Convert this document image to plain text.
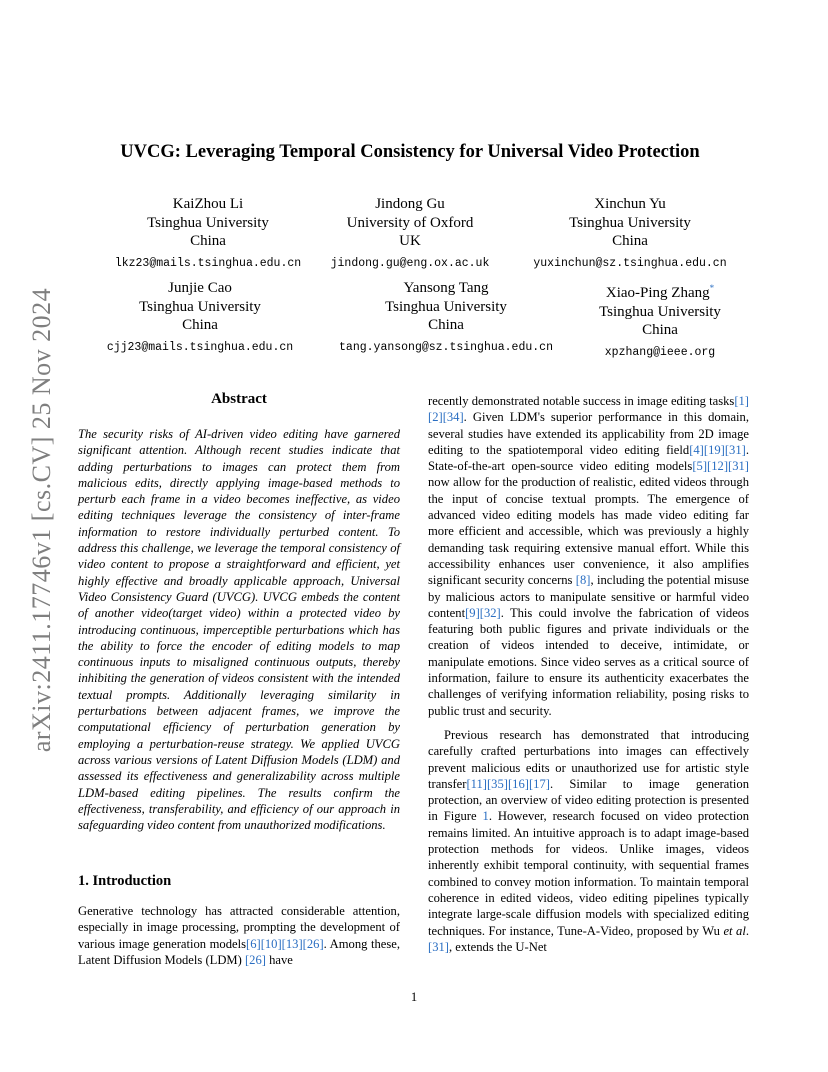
arXiv:2411.17746v1 [cs.CV] 25 Nov 2024
UVCG: Leveraging Temporal Consistency for Universal Video Protection
KaiZhou Li
Tsinghua University
China
lkz23@mails.tsinghua.edu.cn
Jindong Gu
University of Oxford
UK
jindong.gu@eng.ox.ac.uk
Xinchun Yu
Tsinghua University
China
yuxinchun@sz.tsinghua.edu.cn
Junjie Cao
Tsinghua University
China
cjj23@mails.tsinghua.edu.cn
Yansong Tang
Tsinghua University
China
tang.yansong@sz.tsinghua.edu.cn
Xiao-Ping Zhang*
Tsinghua University
China
xpzhang@ieee.org
Abstract
The security risks of AI-driven video editing have garnered significant attention. Although recent studies indicate that adding perturbations to images can protect them from malicious edits, directly applying image-based methods to perturb each frame in a video becomes ineffective, as video editing techniques leverage the consistency of inter-frame information to restore individually perturbed content. To address this challenge, we leverage the temporal consistency of video content to propose a straightforward and efficient, yet highly effective and broadly applicable approach, Universal Video Consistency Guard (UVCG). UVCG embeds the content of another video(target video) within a protected video by introducing continuous, imperceptible perturbations which has the ability to force the encoder of editing models to map continuous inputs to misaligned continuous outputs, thereby inhibiting the generation of videos consistent with the intended textual prompts. Additionally leveraging similarity in perturbations between adjacent frames, we improve the computational efficiency of perturbation generation by employing a perturbation-reuse strategy. We applied UVCG across various versions of Latent Diffusion Models (LDM) and assessed its effectiveness and generalizability across multiple LDM-based editing pipelines. The results confirm the effectiveness, transferability, and efficiency of our approach in safeguarding video content from unauthorized modifications.
1. Introduction
Generative technology has attracted considerable attention, especially in image processing, prompting the development of various image generation models[6][10][13][26]. Among these, Latent Diffusion Models (LDM) [26] have

recently demonstrated notable success in image editing tasks[1][2][34]. Given LDM's superior performance in this domain, several studies have extended its applicability from 2D image editing to the spatiotemporal video editing field[4][19][31]. State-of-the-art open-source video editing models[5][12][31] now allow for the production of realistic, edited videos through the input of concise textual prompts. The emergence of advanced video editing models has made video editing far more efficient and accessible, which was previously a highly demanding task requiring extensive manual effort. While this accessibility enhances user convenience, it also amplifies significant security concerns [8], including the potential misuse by malicious actors to manipulate sensitive or harmful video content[9][32]. This could involve the fabrication of videos featuring both public figures and private individuals or the creation of videos intended to deceive, intimidate, or manipulate emotions. Since video serves as a critical source of information, failure to ensure its authenticity exacerbates the challenges of verifying information reliability, posing risks to public trust and security.

Previous research has demonstrated that introducing carefully crafted perturbations into images can effectively prevent malicious edits or unauthorized use for artistic style transfer[11][35][16][17]. Similar to image generation protection, an overview of video editing protection is presented in Figure 1. However, research focused on video protection remains limited. An intuitive approach is to adapt image-based protection methods for videos. Unlike images, videos inherently exhibit temporal continuity, with sequential frames combined to convey motion information. To maintain temporal coherence in edited videos, video editing pipelines typically integrate large-scale diffusion models with specialized editing techniques. For instance, Tune-A-Video, proposed by Wu et al. [31], extends the U-Net

1
